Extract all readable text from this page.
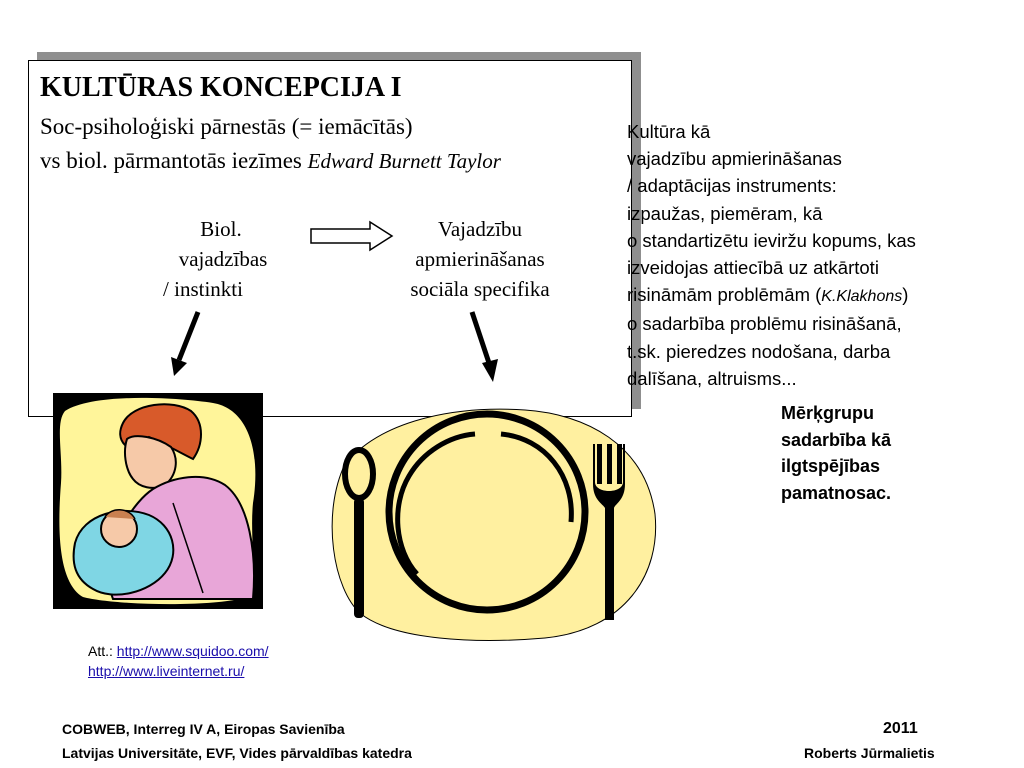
KULTŪRAS KONCEPCIJA I
Soc-psiholoģiski pārnestās (= iemācītās)
vs biol. pārmantotās iezīmes Edward Burnett Taylor
Biol.
vajadzības
/ instinkti
Vajadzību
apmierināšanas
sociāla specifika
Kultūra kā
vajadzību apmierināšanas
/ adaptācijas instruments:
izpaužas, piemēram, kā
o standartizētu ieviržu kopums, kas
izveidojas attiecībā uz atkārtoti
risināmām problēmām (K.Klakhons)
o sadarbība problēmu risināšanā,
t.sk. pieredzes nodošana, darba
dalīšana, altruisms...
Mērķgrupu
sadarbība kā
ilgtspējības
pamatnosac.
Att.: http://www.squidoo.com/
http://www.liveinternet.ru/
COBWEB, Interreg IV A, Eiropas Savienība
Latvijas Universitāte, EVF, Vides pārvaldības katedra
2011
Roberts Jūrmalietis
